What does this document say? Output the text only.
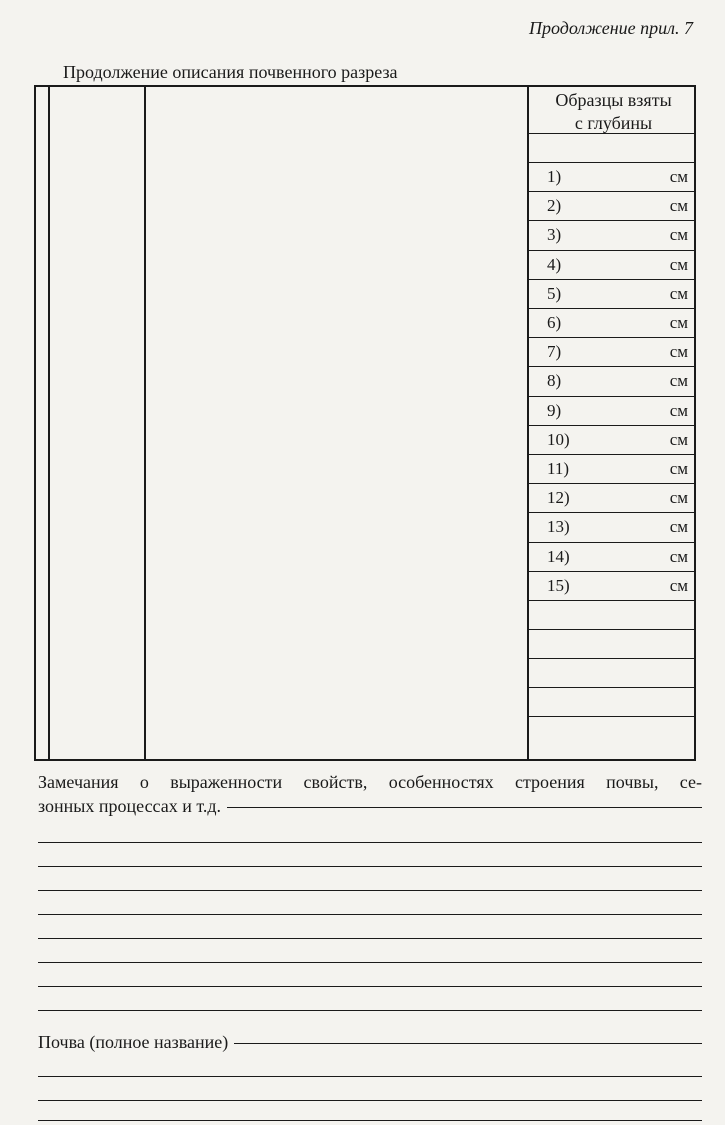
Продолжение прил. 7
Продолжение описания почвенного разреза
Образцы взяты
с глубины
1)	см
2)	см
3)	см
4)	см
5)	см
6)	см
7)	см
8)	см
9)	см
10)	см
11)	см
12)	см
13)	см
14)	см
15)	см
Замечания о выраженности свойств, особенностях строения почвы, се-
зонных процессах и т.д.
Почва (полное название)
